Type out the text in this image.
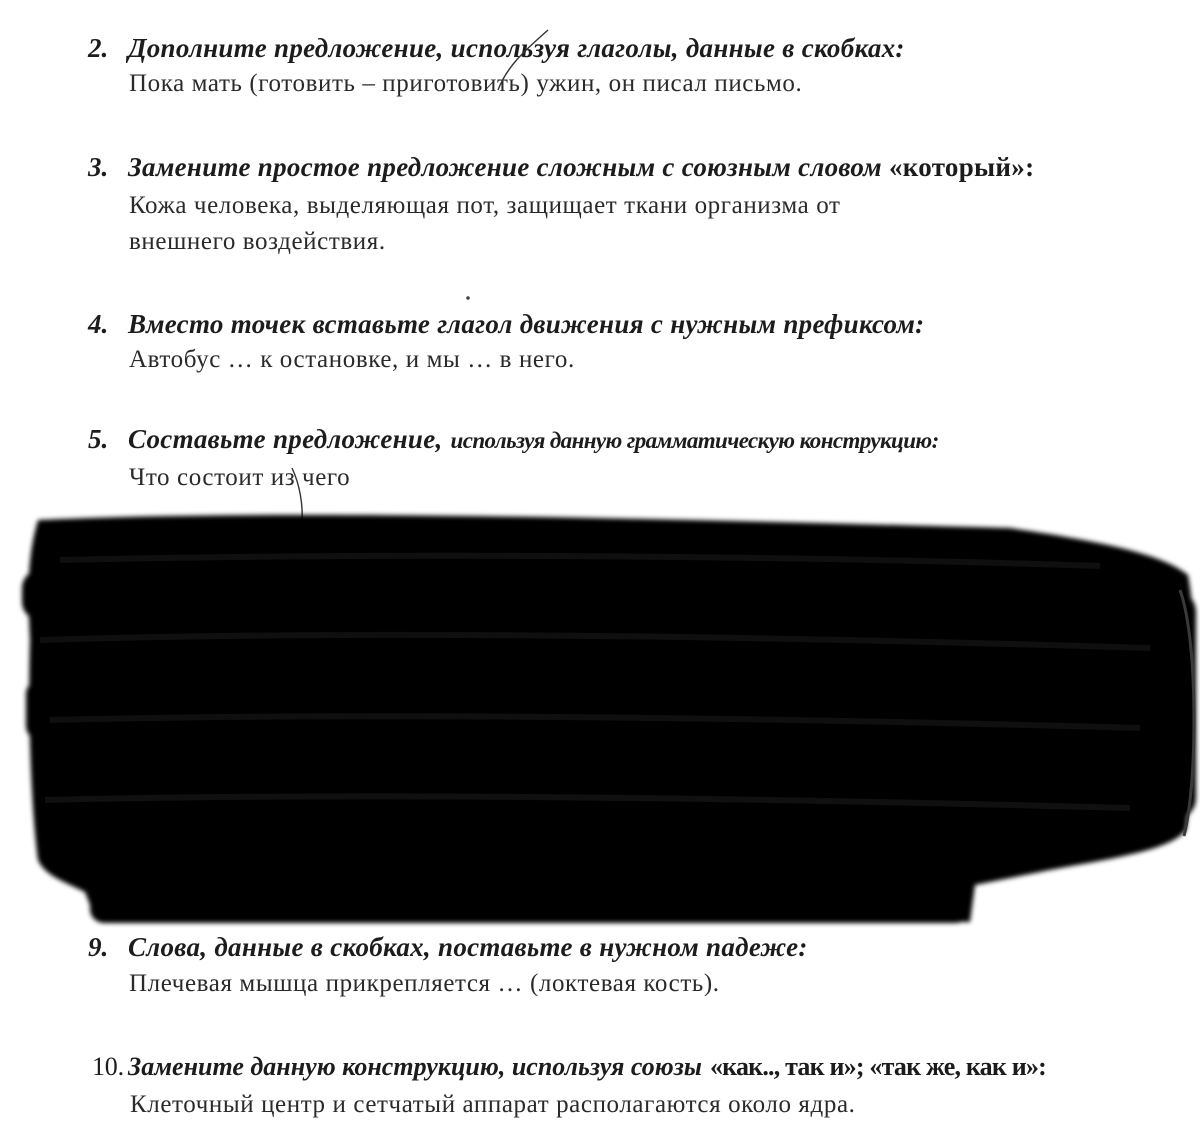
2. Дополните предложение, используя глаголы, данные в скобках:
Пока мать (готовить – приготовить) ужин, он писал письмо.
3. Замените простое предложение сложным с союзным словом «который»:
Кожа человека, выделяющая пот, защищает ткани организма от
внешнего воздействия.
4. Вместо точек вставьте глагол движения с нужным префиксом:
Автобус … к остановке, и мы … в него.
5. Составьте предложение, используя данную грамматическую конструкцию:
Что состоит из чего
9. Слова, данные в скобках, поставьте в нужном падеже:
Плечевая мышца прикрепляется … (локтевая кость).
10. Замените данную конструкцию, используя союзы «как.., так и»; «так же, как и»:
Клеточный центр и сетчатый аппарат располагаются около ядра.
